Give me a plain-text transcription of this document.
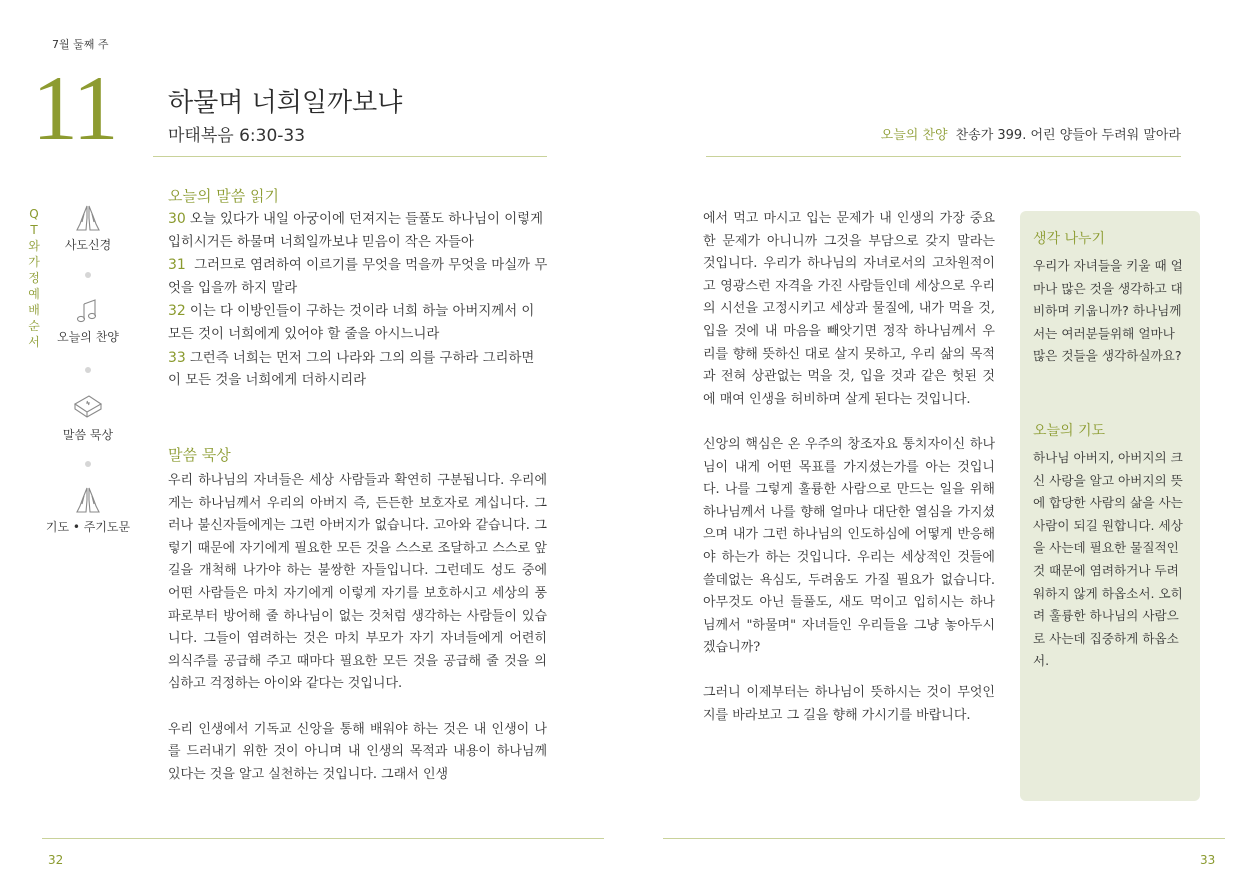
7월 둘째 주
11 하물며 너희일까보냐
마태복음 6:30-33	오늘의 찬양 찬송가 399. 어린 양들아 두려워 말아라
QT와 가정예배 순서
사도신경
오늘의 찬양
말씀 묵상
기도 • 주기도문
오늘의 말씀 읽기

30 오늘 있다가 내일 아궁이에 던져지는 들풀도 하나님이 이렇게 입히시거든 하물며 너희일까보냐 믿음이 작은 자들아

31 그러므로 염려하여 이르기를 무엇을 먹을까 무엇을 마실까 무엇을 입을까 하지 말라

32 이는 다 이방인들이 구하는 것이라 너희 하늘 아버지께서 이 모든 것이 너희에게 있어야 할 줄을 아시느니라

33 그런즉 너희는 먼저 그의 나라와 그의 의를 구하라 그리하면 이 모든 것을 너희에게 더하시리라

말씀 묵상

우리 하나님의 자녀들은 세상 사람들과 확연히 구분됩니다. 우리에게는 하나님께서 우리의 아버지 즉, 든든한 보호자로 계십니다. 그러나 불신자들에게는 그런 아버지가 없습니다. 고아와 같습니다. 그렇기 때문에 자기에게 필요한 모든 것을 스스로 조달하고 스스로 앞길을 개척해 나가야 하는 불쌍한 자들입니다. 그런데도 성도 중에 어떤 사람들은 마치 자기에게 이렇게 자기를 보호하시고 세상의 풍파로부터 방어해 줄 하나님이 없는 것처럼 생각하는 사람들이 있습니다. 그들이 염려하는 것은 마치 부모가 자기 자녀들에게 어련히 의식주를 공급해 주고 때마다 필요한 모든 것을 공급해 줄 것을 의심하고 걱정하는 아이와 같다는 것입니다.

우리 인생에서 기독교 신앙을 통해 배워야 하는 것은 내 인생이 나를 드러내기 위한 것이 아니며 내 인생의 목적과 내용이 하나님께 있다는 것을 알고 실천하는 것입니다. 그래서 인생

에서 먹고 마시고 입는 문제가 내 인생의 가장 중요한 문제가 아니니까 그것을 부담으로 갖지 말라는 것입니다. 우리가 하나님의 자녀로서의 고차원적이고 영광스런 자격을 가진 사람들인데 세상으로 우리의 시선을 고정시키고 세상과 물질에, 내가 먹을 것, 입을 것에 내 마음을 빼앗기면 정작 하나님께서 우리를 향해 뜻하신 대로 살지 못하고, 우리 삶의 목적과 전혀 상관없는 먹을 것, 입을 것과 같은 헛된 것에 매여 인생을 허비하며 살게 된다는 것입니다.

신앙의 핵심은 온 우주의 창조자요 통치자이신 하나님이 내게 어떤 목표를 가지셨는가를 아는 것입니다. 나를 그렇게 훌륭한 사람으로 만드는 일을 위해 하나님께서 나를 향해 얼마나 대단한 열심을 가지셨으며 내가 그런 하나님의 인도하심에 어떻게 반응해야 하는가 하는 것입니다. 우리는 세상적인 것들에 쓸데없는 욕심도, 두려움도 가질 필요가 없습니다. 아무것도 아닌 들풀도, 새도 먹이고 입히시는 하나님께서 "하물며" 자녀들인 우리들을 그냥 놓아두시겠습니까?

그러니 이제부터는 하나님이 뜻하시는 것이 무엇인지를 바라보고 그 길을 향해 가시기를 바랍니다.

생각 나누기
우리가 자녀들을 키울 때 얼마나 많은 것을 생각하고 대비하며 키웁니까? 하나님께서는 여러분들위해 얼마나 많은 것들을 생각하실까요?
오늘의 기도
하나님 아버지, 아버지의 크신 사랑을 알고 아버지의 뜻에 합당한 사람의 삶을 사는 사람이 되길 원합니다. 세상을 사는데 필요한 물질적인 것 때문에 염려하거나 두려워하지 않게 하옵소서. 오히려 훌륭한 하나님의 사람으로 사는데 집중하게 하옵소서.
32	33
